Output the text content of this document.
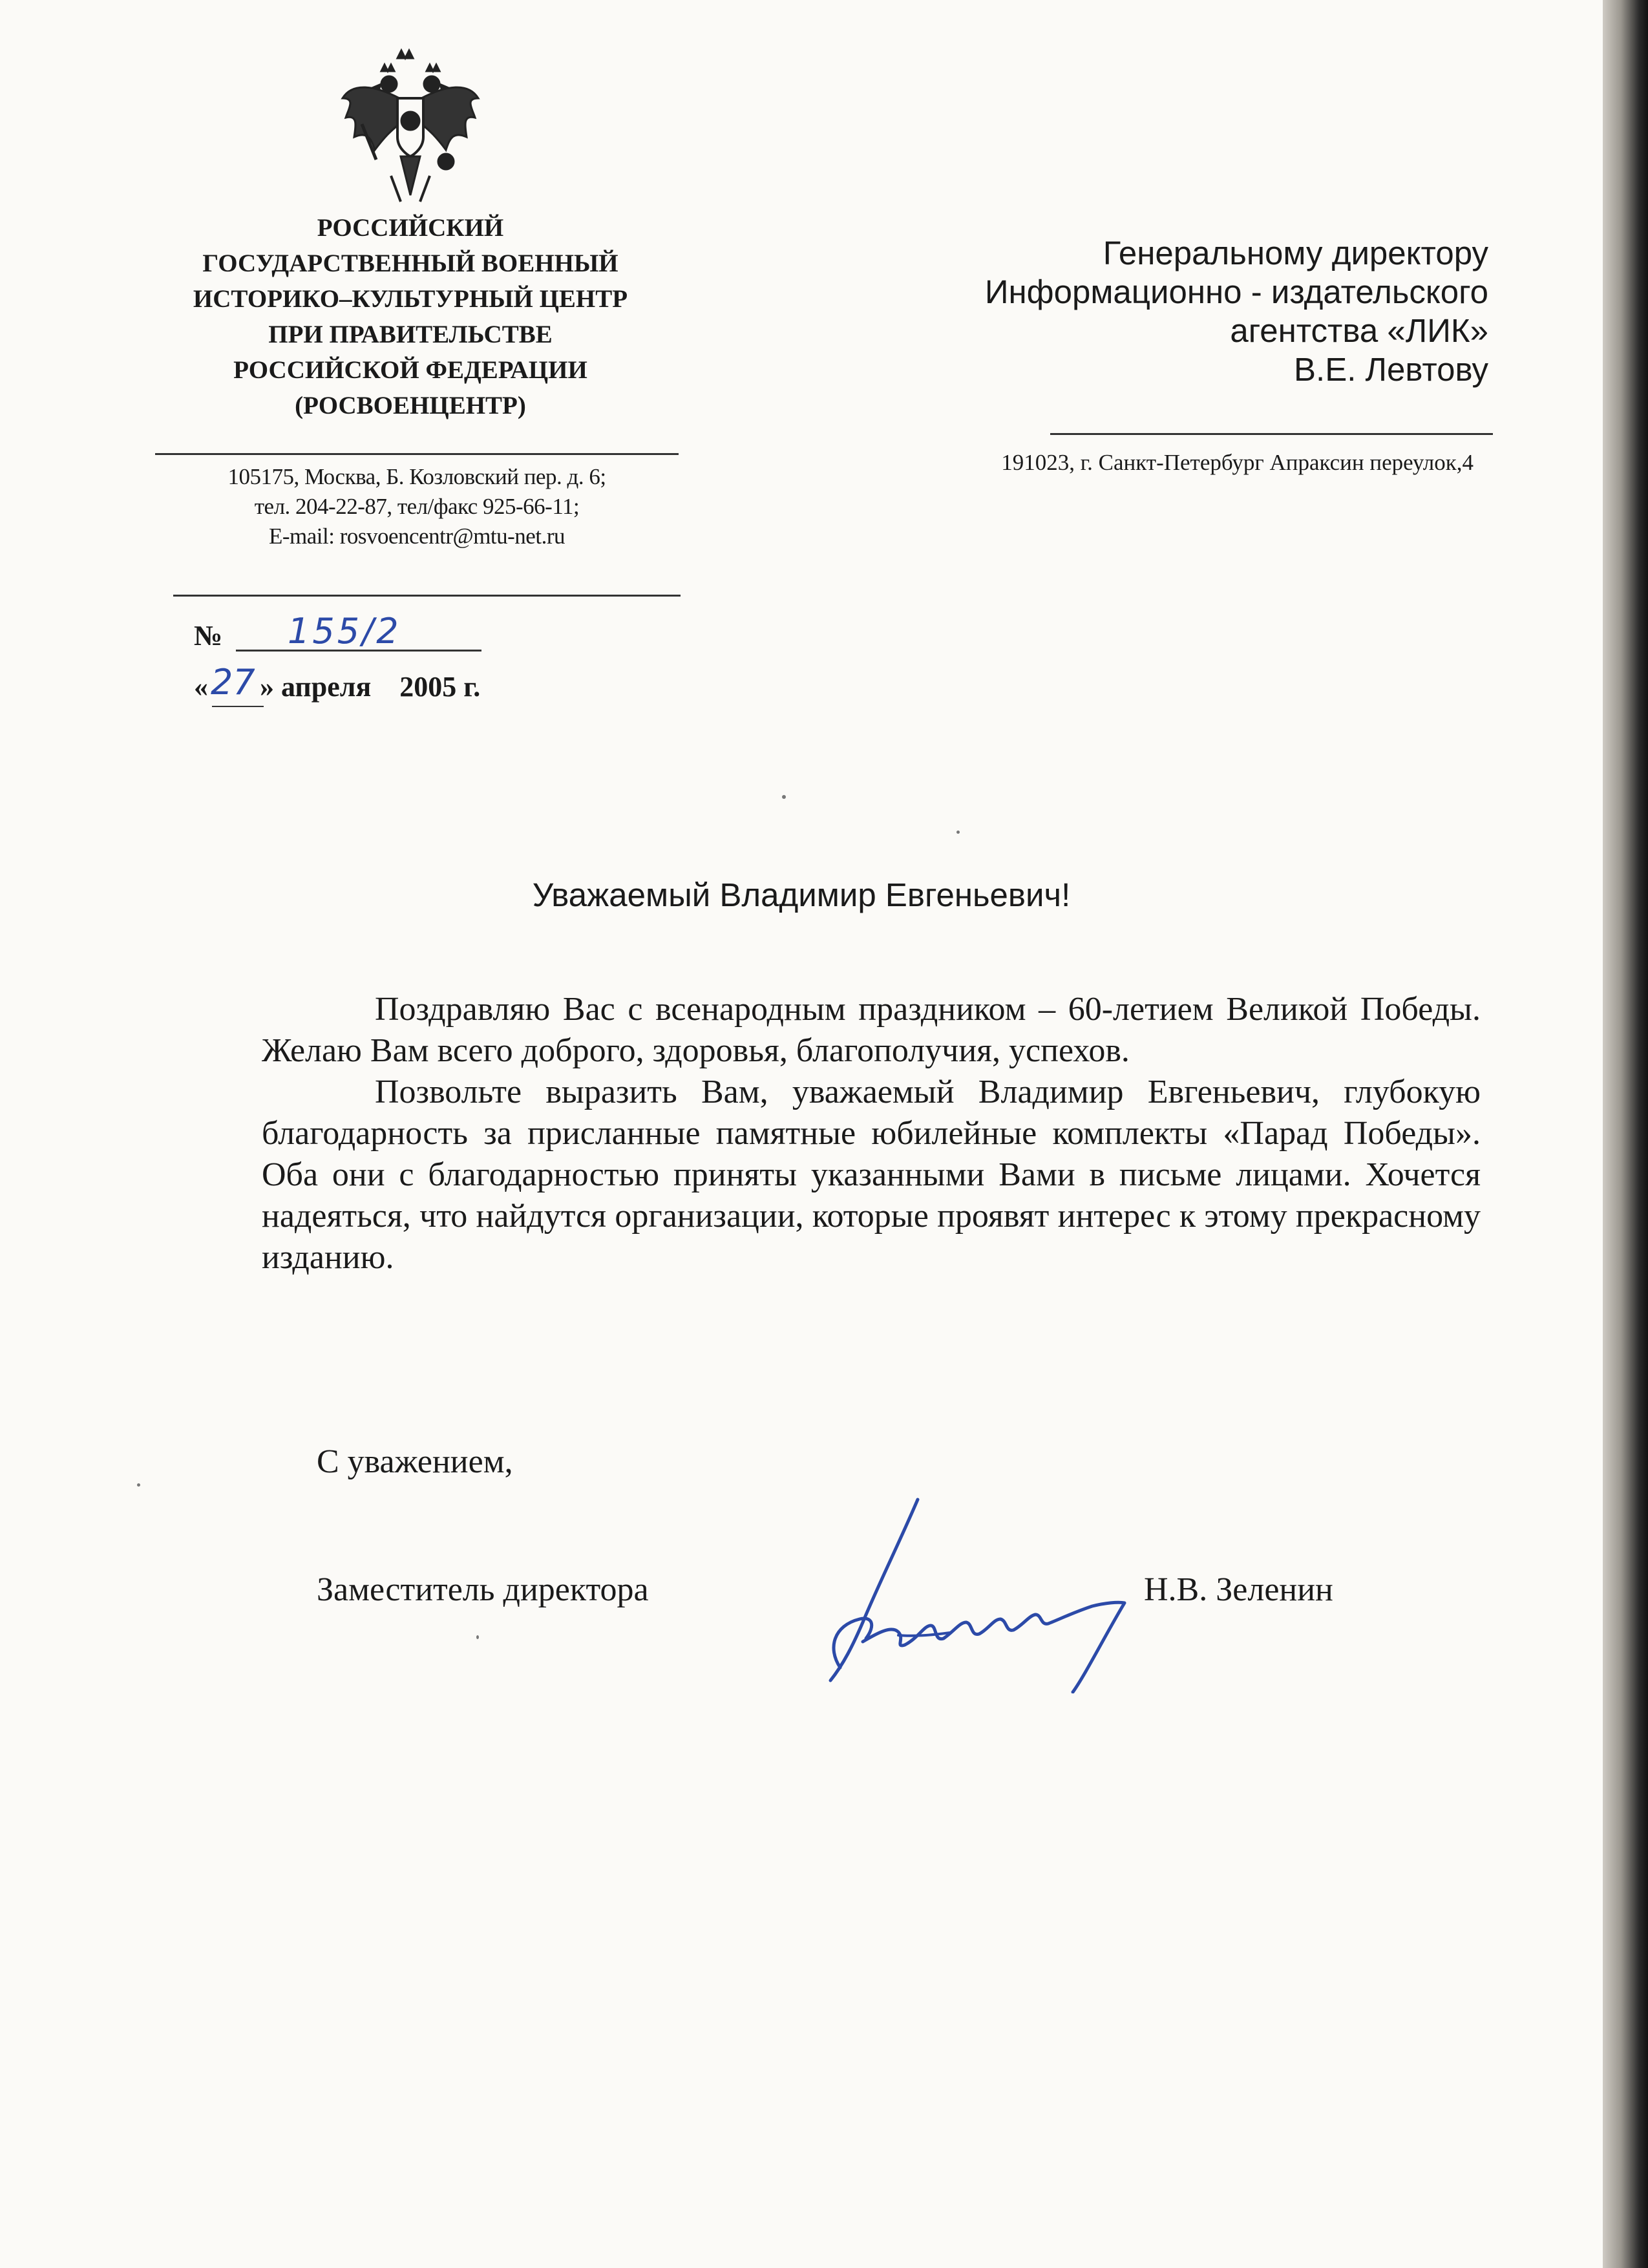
РОССИЙСКИЙ
ГОСУДАРСТВЕННЫЙ ВОЕННЫЙ
ИСТОРИКО–КУЛЬТУРНЫЙ ЦЕНТР
ПРИ ПРАВИТЕЛЬСТВЕ
РОССИЙСКОЙ ФЕДЕРАЦИИ
(РОСВОЕНЦЕНТР)
105175, Москва, Б. Козловский пер. д. 6;
тел. 204-22-87, тел/факс 925-66-11;
E-mail: rosvoencentr@mtu-net.ru
Генеральному директору
Информационно - издательского
агентства «ЛИК»
В.Е. Левтову
191023, г. Санкт-Петербург Апраксин переулок,4
№ 155/2
« » апреля    2005 г.
27
Уважаемый Владимир Евгеньевич!

Поздравляю Вас с всенародным праздником – 60-летием Великой Победы. Желаю Вам всего доброго, здоровья, благополучия, успехов.

Позвольте выразить Вам, уважаемый Владимир Евгеньевич, глубокую благодарность за присланные памятные юбилейные комплекты «Парад Победы». Оба они с благодарностью приняты указанными Вами в письме лицами. Хочется надеяться, что найдутся организации, которые проявят интерес к этому прекрасному изданию.

С уважением,
Заместитель директора	Н.В. Зеленин
